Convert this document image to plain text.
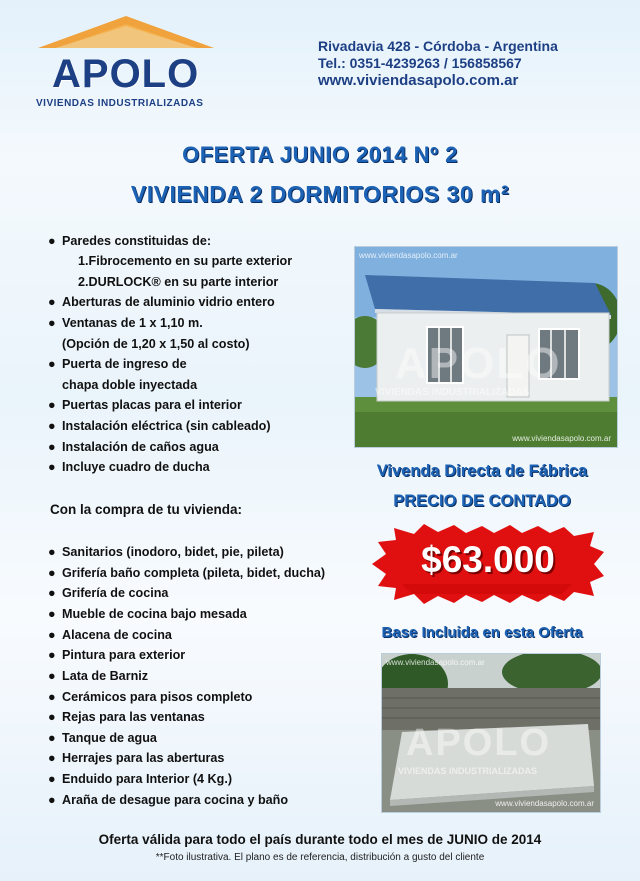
APOLO
VIVIENDAS INDUSTRIALIZADAS
Rivadavia 428 - Córdoba - Argentina
Tel.: 0351-4239263 / 156858567
www.viviendasapolo.com.ar
OFERTA JUNIO 2014 Nº 2
VIVIENDA 2 DORMITORIOS 30 m²
● Paredes constituidas de:
1.Fibrocemento en su parte exterior
2.DURLOCK® en su parte interior
● Aberturas de aluminio vidrio entero
● Ventanas de 1 x 1,10 m.
(Opción de 1,20 x 1,50 al costo)
● Puerta de ingreso de
chapa doble inyectada
● Puertas placas para el interior
● Instalación eléctrica (sin cableado)
● Instalación de caños agua
● Incluye cuadro de ducha
Con la compra de tu vivienda:
● Sanitarios (inodoro, bidet, pie, pileta)
● Grifería baño completa (pileta, bidet, ducha)
● Grifería de cocina
● Mueble de cocina bajo mesada
● Alacena de cocina
● Pintura para exterior
● Lata de Barniz
● Cerámicos para pisos completo
● Rejas para las ventanas
● Tanque de agua
● Herrajes para las aberturas
● Enduido para Interior (4 Kg.)
● Araña de desague para cocina y baño
www.viviendasapolo.com.ar
APOLO
VIVIENDAS INDUSTRIALIZADAS
www.viviendasapolo.com.ar
Vivenda Directa de Fábrica
PRECIO DE CONTADO
$63.000
Base Incluida en esta Oferta
www.viviendasapolo.com.ar
APOLO
VIVIENDAS INDUSTRIALIZADAS
www.viviendasapolo.com.ar
Oferta válida para todo el país durante todo el mes de JUNIO de 2014
**Foto ilustrativa. El plano es de referencia, distribución a gusto del cliente
